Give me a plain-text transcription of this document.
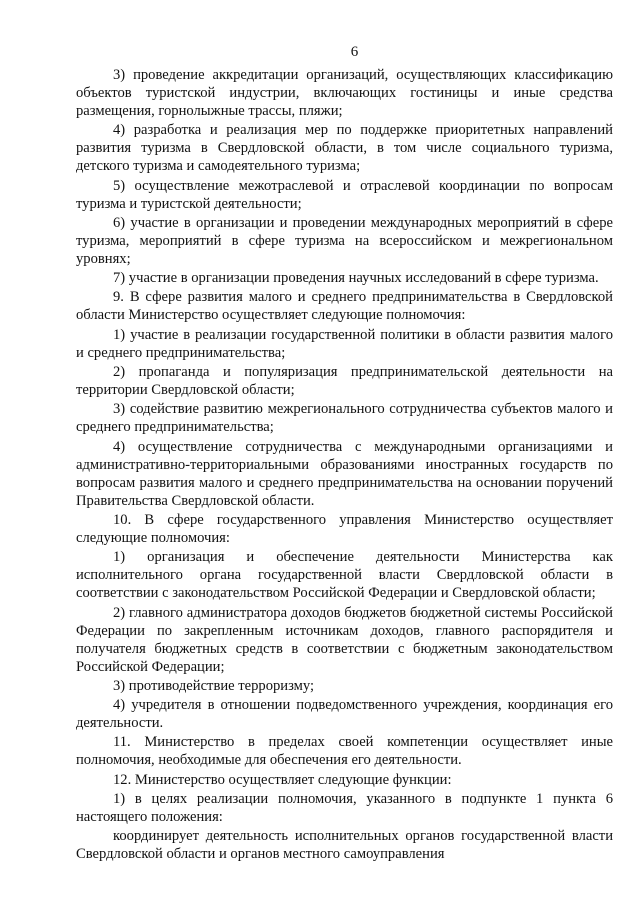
6

3) проведение аккредитации организаций, осуществляющих классификацию объектов туристской индустрии, включающих гостиницы и иные средства размещения, горнолыжные трассы, пляжи;

4) разработка и реализация мер по поддержке приоритетных направлений развития туризма в Свердловской области, в том числе социального туризма, детского туризма и самодеятельного туризма;

5) осуществление межотраслевой и отраслевой координации по вопросам туризма и туристской деятельности;

6) участие в организации и проведении международных мероприятий в сфере туризма, мероприятий в сфере туризма на всероссийском и межрегиональном уровнях;

7) участие в организации проведения научных исследований в сфере туризма.

9. В сфере развития малого и среднего предпринимательства в Свердловской области Министерство осуществляет следующие полномочия:

1) участие в реализации государственной политики в области развития малого и среднего предпринимательства;

2) пропаганда и популяризация предпринимательской деятельности на территории Свердловской области;

3) содействие развитию межрегионального сотрудничества субъектов малого и среднего предпринимательства;

4) осуществление сотрудничества с международными организациями и административно-территориальными образованиями иностранных государств по вопросам развития малого и среднего предпринимательства на основании поручений Правительства Свердловской области.

10. В сфере государственного управления Министерство осуществляет следующие полномочия:

1) организация и обеспечение деятельности Министерства как исполнительного органа государственной власти Свердловской области в соответствии с законодательством Российской Федерации и Свердловской области;

2) главного администратора доходов бюджетов бюджетной системы Российской Федерации по закрепленным источникам доходов, главного распорядителя и получателя бюджетных средств в соответствии с бюджетным законодательством Российской Федерации;

3) противодействие терроризму;

4) учредителя в отношении подведомственного учреждения, координация его деятельности.

11. Министерство в пределах своей компетенции осуществляет иные полномочия, необходимые для обеспечения его деятельности.

12. Министерство осуществляет следующие функции:

1) в целях реализации полномочия, указанного в подпункте 1 пункта 6 настоящего положения:

координирует деятельность исполнительных органов государственной власти Свердловской области и органов местного самоуправления
